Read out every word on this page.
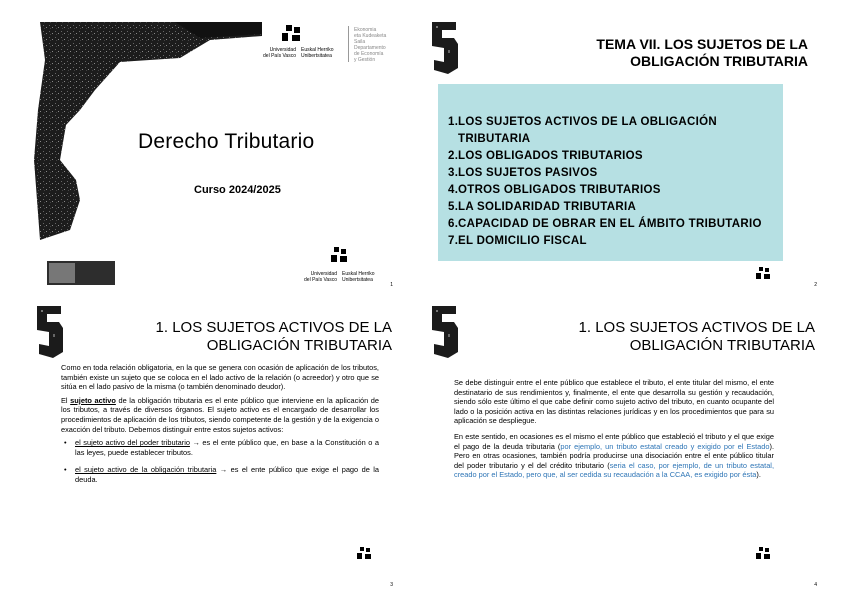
Universidad
del País Vasco
Euskal Herriko
Unibertsitatea
Ekonomia
eta Kudeaketa
Saila
Departamento
de Economía
y Gestión
Derecho Tributario
Curso 2024/2025
Universidad
del País Vasco
Euskal Herriko
Unibertsitatea
1
TEMA VII. LOS SUJETOS DE LA OBLIGACIÓN TRIBUTARIA
1. LOS SUJETOS ACTIVOS DE LA OBLIGACIÓN TRIBUTARIA
2. LOS OBLIGADOS TRIBUTARIOS
3. LOS SUJETOS PASIVOS
4. OTROS OBLIGADOS TRIBUTARIOS
5. LA SOLIDARIDAD TRIBUTARIA
6. CAPACIDAD DE OBRAR EN EL ÁMBITO TRIBUTARIO
7. EL DOMICILIO FISCAL
2
1. LOS SUJETOS ACTIVOS DE LA OBLIGACIÓN TRIBUTARIA

Como en toda relación obligatoria, en la que se genera con ocasión de aplicación de los tributos, también existe un sujeto que se coloca en el lado activo de la relación (o acreedor) y otro que se sitúa en el lado pasivo de la misma (o también denominado deudor).

El sujeto activo de la obligación tributaria es el ente público que interviene en la aplicación de los tributos, a través de diversos órganos. El sujeto activo es el encargado de desarrollar los procedimientos de aplicación de los tributos, siendo competente de la gestión y de la exigencia o exacción del tributo. Debemos distinguir entre estos sujetos activos:

•	el sujeto activo del poder tributario → es el ente público que, en base a la Constitución o a las leyes, puede establecer tributos.
•	el sujeto activo de la obligación tributaria → es el ente público que exige el pago de la deuda.
3
1. LOS SUJETOS ACTIVOS DE LA OBLIGACIÓN TRIBUTARIA

Se debe distinguir entre el ente público que establece el tributo, el ente titular del mismo, el ente destinatario de sus rendimientos y, finalmente, el ente que desarrolla su gestión y recaudación, siendo sólo este último el que cabe definir como sujeto activo del tributo, en cuanto ocupante del lado o la posición activa en las distintas relaciones jurídicas y en los procedimientos que para su aplicación se despliegue.

En este sentido, en ocasiones es el mismo el ente público que estableció el tributo y el que exige el pago de la deuda tributaria (por ejemplo, un tributo estatal creado y exigido por el Estado). Pero en otras ocasiones, también podría producirse una disociación entre el ente público titular del poder tributario y el del crédito tributario (seria el caso, por ejemplo, de un tributo estatal, creado por el Estado, pero que, al ser cedida su recaudación a la CCAA, es exigido por ésta).

4
